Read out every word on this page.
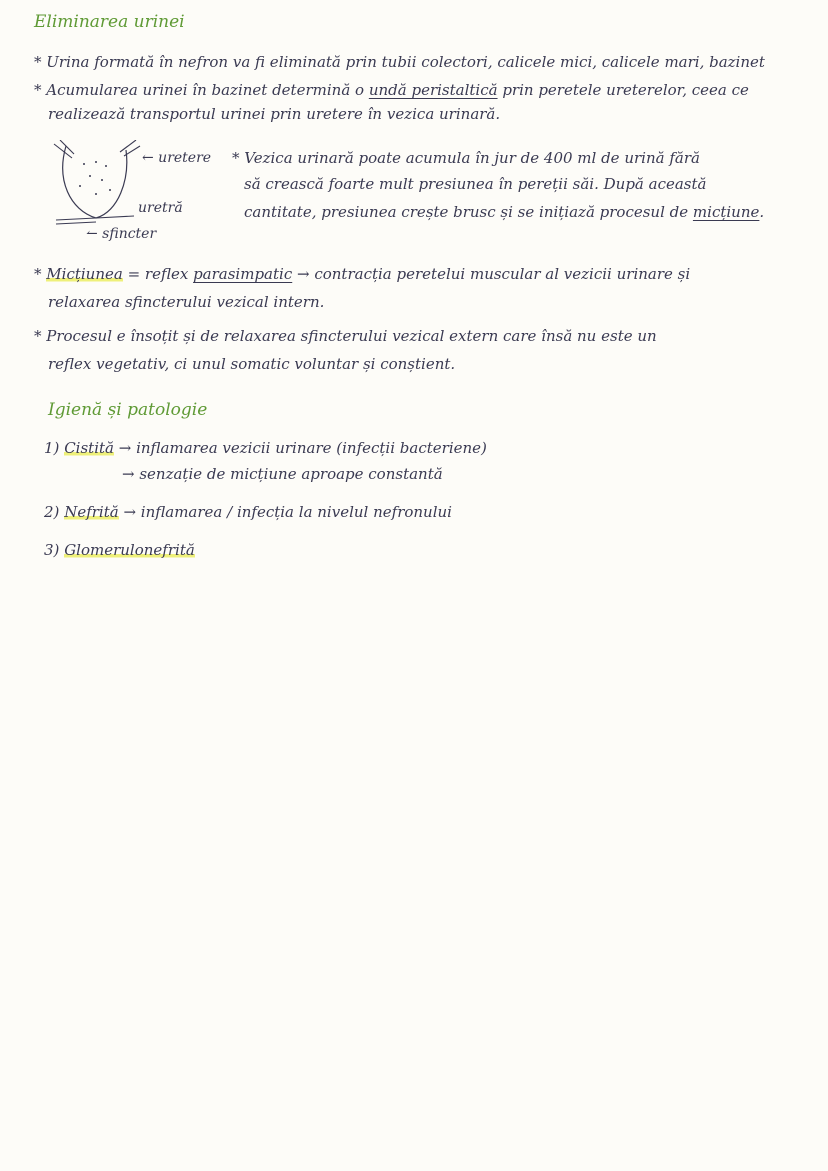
Eliminarea urinei
* Urina formată în nefron va fi eliminată prin tubii colectori, calicele mici, calicele mari, bazinet
* Acumularea urinei în bazinet determină o undă peristaltică prin peretele ureterelor, ceea ce
realizează transportul urinei prin uretere în vezica urinară.
← uretere
uretră
↼ sfincter
* Vezica urinară poate acumula în jur de 400 ml de urină fără
să crească foarte mult presiunea în pereții săi. După această
cantitate, presiunea crește brusc și se inițiază procesul de micțiune.
* Micțiunea = reflex parasimpatic → contracția peretelui muscular al vezicii urinare și
relaxarea sfincterului vezical intern.
* Procesul e însoțit și de relaxarea sfincterului vezical extern care însă nu este un
reflex vegetativ, ci unul somatic voluntar și conștient.
Igienă și patologie
1) Cistită → inflamarea vezicii urinare (infecții bacteriene)
→ senzație de micțiune aproape constantă
2) Nefrită → inflamarea / infecția la nivelul nefronului
3) Glomerulonefrită
